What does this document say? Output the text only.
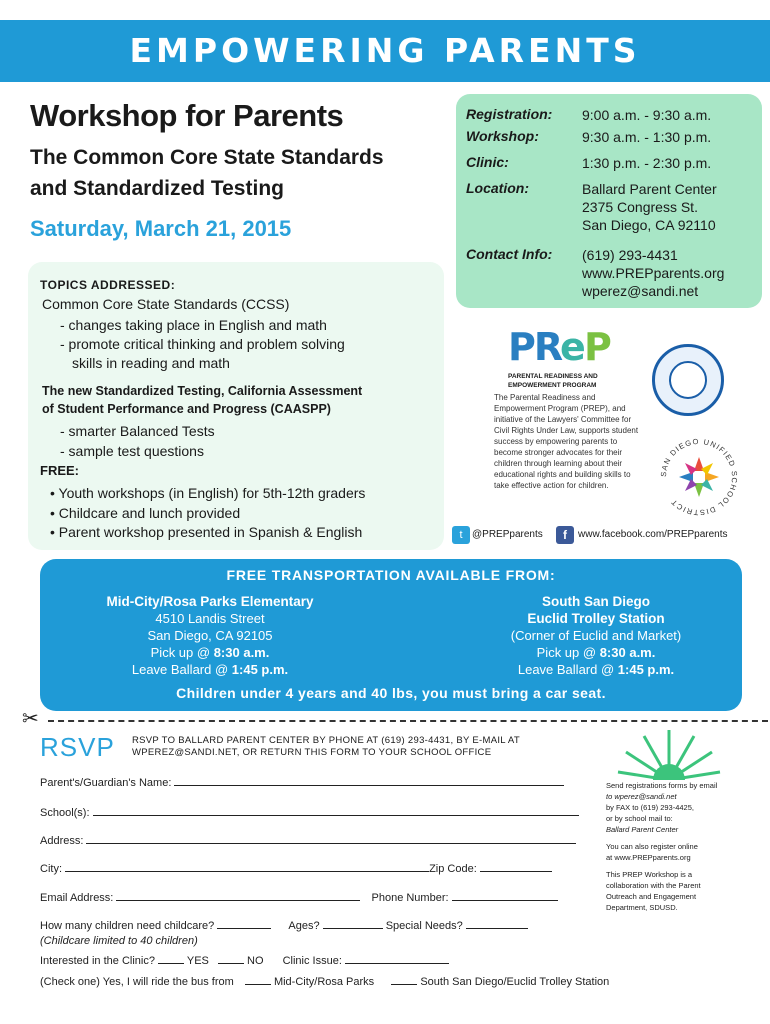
EMPOWERING PARENTS
Workshop for Parents
The Common Core State Standards
and Standardized Testing
Saturday, March 21, 2015
Registration:	9:00 a.m. - 9:30 a.m.
Workshop:	9:30 a.m. - 1:30 p.m.
Clinic:	1:30 p.m. - 2:30 p.m.
Location:	Ballard Parent Center
2375 Congress St.
San Diego, CA 92110
Contact Info:	(619) 293-4431
www.PREPparents.org
wperez@sandi.net
TOPICS ADDRESSED:
Common Core State Standards (CCSS)
- changes taking place in English and math
- promote critical thinking and problem solving
skills in reading and math
The new Standardized Testing, California Assessment
of Student Performance and Progress (CAASPP)
- smarter Balanced Tests
- sample test questions
FREE:
• Youth workshops (in English) for 5th-12th graders
• Childcare and lunch provided
• Parent workshop presented in Spanish & English
PR
e
P
PARENTAL READINESS AND
EMPOWERMENT PROGRAM
The Parental Readiness and Empowerment Program (PREP), and initiative of the Lawyers' Committee for Civil Rights Under Law, supports student success by empowering parents to become stronger advocates for their children through learning about their educational rights and building skills to take effective action for children.
SAN DIEGO UNIFIED SCHOOL DISTRICT
t @PREPparents	f	www.facebook.com/PREPparents
FREE TRANSPORTATION AVAILABLE FROM:
Mid-City/Rosa Parks Elementary
4510 Landis Street
San Diego, CA 92105
Pick up @ 8:30 a.m.
Leave Ballard @ 1:45 p.m.
South San Diego
Euclid Trolley Station
(Corner of Euclid and Market)
Pick up @ 8:30 a.m.
Leave Ballard @ 1:45 p.m.
Children under 4 years and 40 lbs, you must bring a car seat.
✂
RSVP RSVP TO BALLARD PARENT CENTER BY PHONE AT (619) 293-4431, BY E-MAIL AT
WPEREZ@SANDI.NET, OR RETURN THIS FORM TO YOUR SCHOOL OFFICE
Parent's/Guardian's Name:
School(s):
Address:
City:	Zip Code:
Email Address:	Phone Number:
How many children need childcare?	Ages?	Special Needs?
(Childcare limited to 40 children)
Interested in the Clinic?	YES	NO Clinic Issue:
(Check one) Yes, I will ride the bus from	Mid-City/Rosa Parks	South San Diego/Euclid Trolley Station

Send registrations forms by email
to wperez@sandi.net
by FAX to (619) 293-4425,
or by school mail to:
Ballard Parent Center

You can also register online
at www.PREPparents.org

This PREP Workshop is a
collaboration with the Parent
Outreach and Engagement
Department, SDUSD.
